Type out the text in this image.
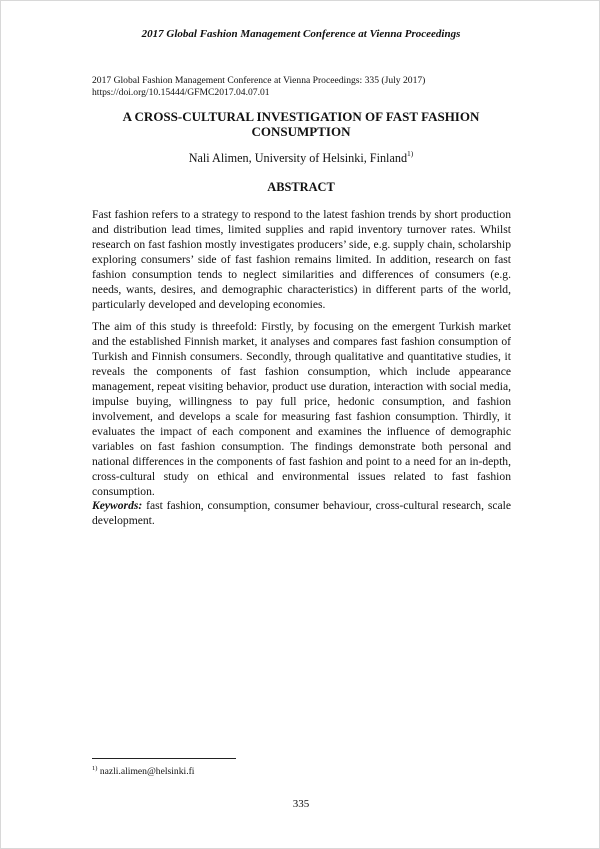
2017 Global Fashion Management Conference at Vienna Proceedings
2017 Global Fashion Management Conference at Vienna Proceedings: 335 (July 2017)
https://doi.org/10.15444/GFMC2017.04.07.01
A CROSS-CULTURAL INVESTIGATION OF FAST FASHION
CONSUMPTION
Nali Alimen, University of Helsinki, Finland$^{1)}$
ABSTRACT
Fast fashion refers to a strategy to respond to the latest fashion trends by short production and distribution lead times, limited supplies and rapid inventory turnover rates. Whilst research on fast fashion mostly investigates producers’ side, e.g. supply chain, scholarship exploring consumers’ side of fast fashion remains limited. In addition, research on fast fashion consumption tends to neglect similarities and differences of consumers (e.g. needs, wants, desires, and demographic characteristics) in different parts of the world, particularly developed and developing economies.
The aim of this study is threefold: Firstly, by focusing on the emergent Turkish market and the established Finnish market, it analyses and compares fast fashion consumption of Turkish and Finnish consumers. Secondly, through qualitative and quantitative studies, it reveals the components of fast fashion consumption, which include appearance management, repeat visiting behavior, product use duration, interaction with social media, impulse buying, willingness to pay full price, hedonic consumption, and fashion involvement, and develops a scale for measuring fast fashion consumption. Thirdly, it evaluates the impact of each component and examines the influence of demographic variables on fast fashion consumption. The findings demonstrate both personal and national differences in the components of fast fashion and point to a need for an in-depth, cross-cultural study on ethical and environmental issues related to fast fashion consumption.
Keywords: fast fashion, consumption, consumer behaviour, cross-cultural research, scale development.
$^{1)}$ nazli.alimen@helsinki.fi
335
